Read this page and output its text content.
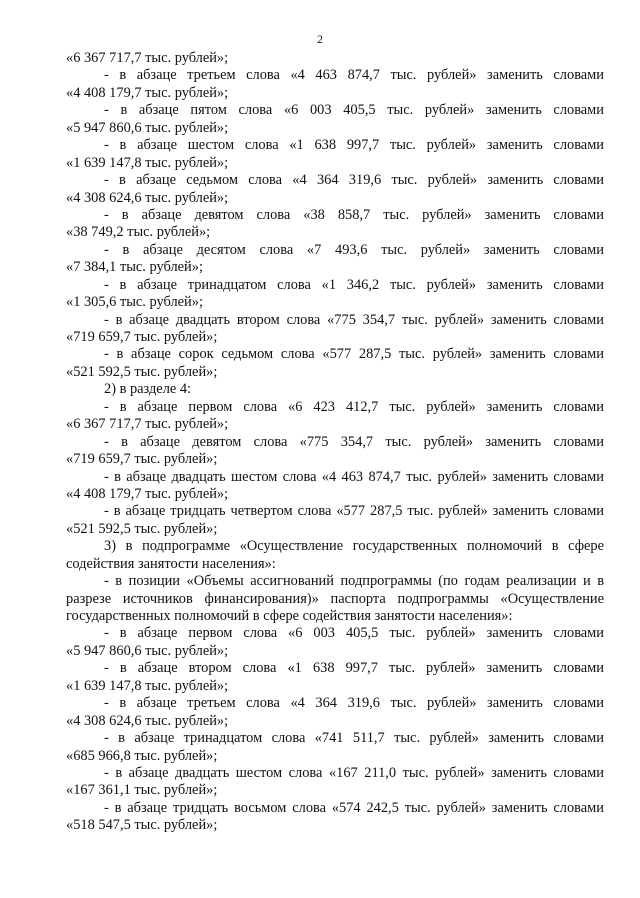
2
«6 367 717,7 тыс. рублей»;
- в абзаце третьем слова «4 463 874,7 тыс. рублей» заменить словами
«4 408 179,7 тыс. рублей»;
- в абзаце пятом слова «6 003 405,5 тыс. рублей» заменить словами
«5 947 860,6 тыс. рублей»;
- в абзаце шестом слова «1 638 997,7 тыс. рублей» заменить словами
«1 639 147,8 тыс. рублей»;
- в абзаце седьмом слова «4 364 319,6 тыс. рублей» заменить словами
«4 308 624,6 тыс. рублей»;
- в абзаце девятом слова «38 858,7 тыс. рублей» заменить словами
«38 749,2 тыс. рублей»;
- в абзаце десятом слова «7 493,6 тыс. рублей» заменить словами
«7 384,1 тыс. рублей»;
- в абзаце тринадцатом слова «1 346,2 тыс. рублей» заменить словами
«1 305,6 тыс. рублей»;
- в абзаце двадцать втором слова «775 354,7 тыс. рублей» заменить словами
«719 659,7 тыс. рублей»;
- в абзаце сорок седьмом слова «577 287,5 тыс. рублей» заменить словами
«521 592,5 тыс. рублей»;
2) в разделе 4:
- в абзаце первом слова «6 423 412,7 тыс. рублей» заменить словами
«6 367 717,7 тыс. рублей»;
- в абзаце девятом слова «775 354,7 тыс. рублей» заменить словами
«719 659,7 тыс. рублей»;
- в абзаце двадцать шестом слова «4 463 874,7 тыс. рублей» заменить словами
«4 408 179,7 тыс. рублей»;
- в абзаце тридцать четвертом слова «577 287,5 тыс. рублей» заменить словами
«521 592,5 тыс. рублей»;
3) в подпрограмме «Осуществление государственных полномочий в сфере
содействия занятости населения»:
- в позиции «Объемы ассигнований подпрограммы (по годам реализации и в
разрезе источников финансирования)» паспорта подпрограммы «Осуществление
государственных полномочий в сфере содействия занятости населения»:
- в абзаце первом слова «6 003 405,5 тыс. рублей» заменить словами
«5 947 860,6 тыс. рублей»;
- в абзаце втором слова «1 638 997,7 тыс. рублей» заменить словами
«1 639 147,8 тыс. рублей»;
- в абзаце третьем слова «4 364 319,6 тыс. рублей» заменить словами
«4 308 624,6 тыс. рублей»;
- в абзаце тринадцатом слова «741 511,7 тыс. рублей» заменить словами
«685 966,8 тыс. рублей»;
- в абзаце двадцать шестом слова «167 211,0 тыс. рублей» заменить словами
«167 361,1 тыс. рублей»;
- в абзаце тридцать восьмом слова «574 242,5 тыс. рублей» заменить словами
«518 547,5 тыс. рублей»;
